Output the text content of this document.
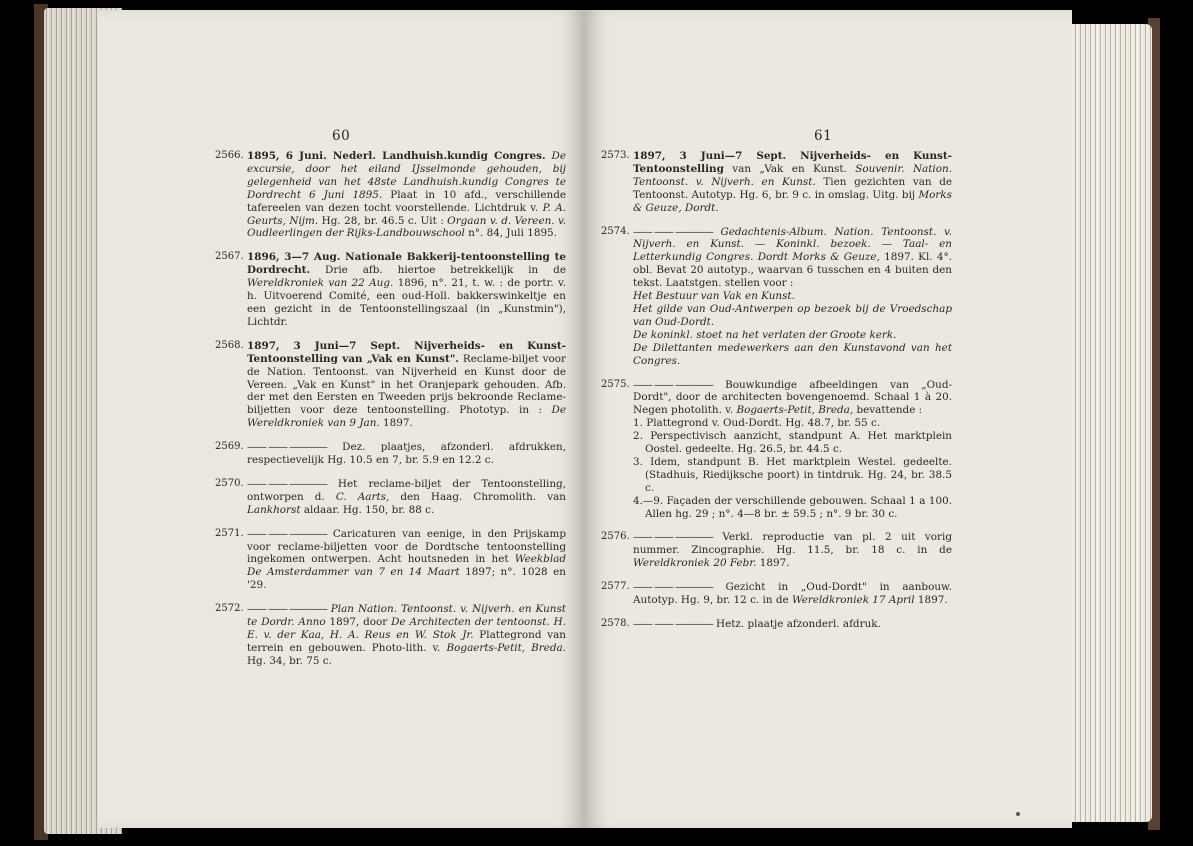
60
2566. 1895, 6 Juni. Nederl. Landhuish.kundig Congres. De excursie, door het eiland IJsselmonde gehouden, bij gelegenheid van het 48ste Landhuish.kundig Congres te Dordrecht 6 Juni 1895. Plaat in 10 afd., verschillende tafereelen van dezen tocht voorstellende. Lichtdruk v. P. A. Geurts, Nijm. Hg. 28, br. 46.5 c. Uit : Orgaan v. d. Vereen. v. Oudleerlingen der Rijks-Landbouwschool n°. 84, Juli 1895.
2567. 1896, 3—7 Aug. Nationale Bakkerij-tentoonstelling te Dordrecht. Drie afb. hiertoe betrekkelijk in de Wereldkroniek van 22 Aug. 1896, n°. 21, t. w. : de portr. v. h. Uitvoerend Comité, een oud-Holl. bakkerswinkeltje en een gezicht in de Tentoonstellingszaal (in „Kunstmin"), Lichtdr.
2568. 1897, 3 Juni—7 Sept. Nijverheids- en Kunst-Tentoonstelling van „Vak en Kunst". Reclame-biljet voor de Nation. Tentoonst. van Nijverheid en Kunst door de Vereen. „Vak en Kunst" in het Oranjepark gehouden. Afb. der met den Eersten en Tweeden prijs bekroonde Reclame-biljetten voor deze tentoonstelling. Phototyp. in : De Wereldkroniek van 9 Jan. 1897.
2569. —— —— ———— Dez. plaatjes, afzonderl. afdrukken, respectievelijk Hg. 10.5 en 7, br. 5.9 en 12.2 c.
2570. —— —— ———— Het reclame-biljet der Tentoonstelling, ontworpen d. C. Aarts, den Haag. Chromolith. van Lankhorst aldaar. Hg. 150, br. 88 c.
2571. —— —— ———— Caricaturen van eenige, in den Prijskamp voor reclame-biljetten voor de Dordtsche tentoonstelling ingekomen ontwerpen. Acht houtsneden in het Weekblad De Amsterdammer van 7 en 14 Maart 1897; n°. 1028 en '29.
2572. —— —— ———— Plan Nation. Tentoonst. v. Nijverh. en Kunst te Dordr. Anno 1897, door De Architecten der tentoonst. H. E. v. der Kaa, H. A. Reus en W. Stok Jr. Plattegrond van terrein en gebouwen. Photo-lith. v. Bogaerts-Petit, Breda. Hg. 34, br. 75 c.
61
2573. 1897, 3 Juni—7 Sept. Nijverheids- en Kunst-Tentoonstelling van „Vak en Kunst. Souvenir. Nation. Tentoonst. v. Nijverh. en Kunst. Tien gezichten van de Tentoonst. Autotyp. Hg. 6, br. 9 c. in omslag. Uitg. bij Morks & Geuze, Dordt.
2574. —— —— ———— Gedachtenis-Album. Nation. Tentoonst. v. Nijverh. en Kunst. — Koninkl. bezoek. — Taal- en Letterkundig Congres. Dordt Morks & Geuze, 1897. Kl. 4°. obl. Bevat 20 autotyp., waarvan 6 tusschen en 4 buiten den tekst. Laatstgen. stellen voor :
Het Bestuur van Vak en Kunst.
Het gilde van Oud-Antwerpen op bezoek bij de Vroedschap van Oud-Dordt.
De koninkl. stoet na het verlaten der Groote kerk.
De Dilettanten medewerkers aan den Kunstavond van het Congres.
2575. —— —— ———— Bouwkundige afbeeldingen van „Oud-Dordt", door de architecten bovengenoemd. Schaal 1 à 20. Negen photolith. v. Bogaerts-Petit, Breda, bevattende :
1. Plattegrond v. Oud-Dordt. Hg. 48.7, br. 55 c.
2. Perspectivisch aanzicht, standpunt A. Het marktplein Oostel. gedeelte. Hg. 26.5, br. 44.5 c.
3. Idem, standpunt B. Het marktplein Westel. gedeelte. (Stadhuis, Riedijksche poort) in tintdruk. Hg. 24, br. 38.5 c.
4.—9. Façaden der verschillende gebouwen. Schaal 1 a 100. Allen hg. 29 ; n°. 4—8 br. ± 59.5 ; n°. 9 br. 30 c.
2576. —— —— ———— Verkl. reproductie van pl. 2 uit vorig nummer. Zincographie. Hg. 11.5, br. 18 c. in de Wereldkroniek 20 Febr. 1897.
2577. —— —— ———— Gezicht in „Oud-Dordt" in aanbouw. Autotyp. Hg. 9, br. 12 c. in de Wereldkroniek 17 April 1897.
2578. —— —— ———— Hetz. plaatje afzonderl. afdruk.
